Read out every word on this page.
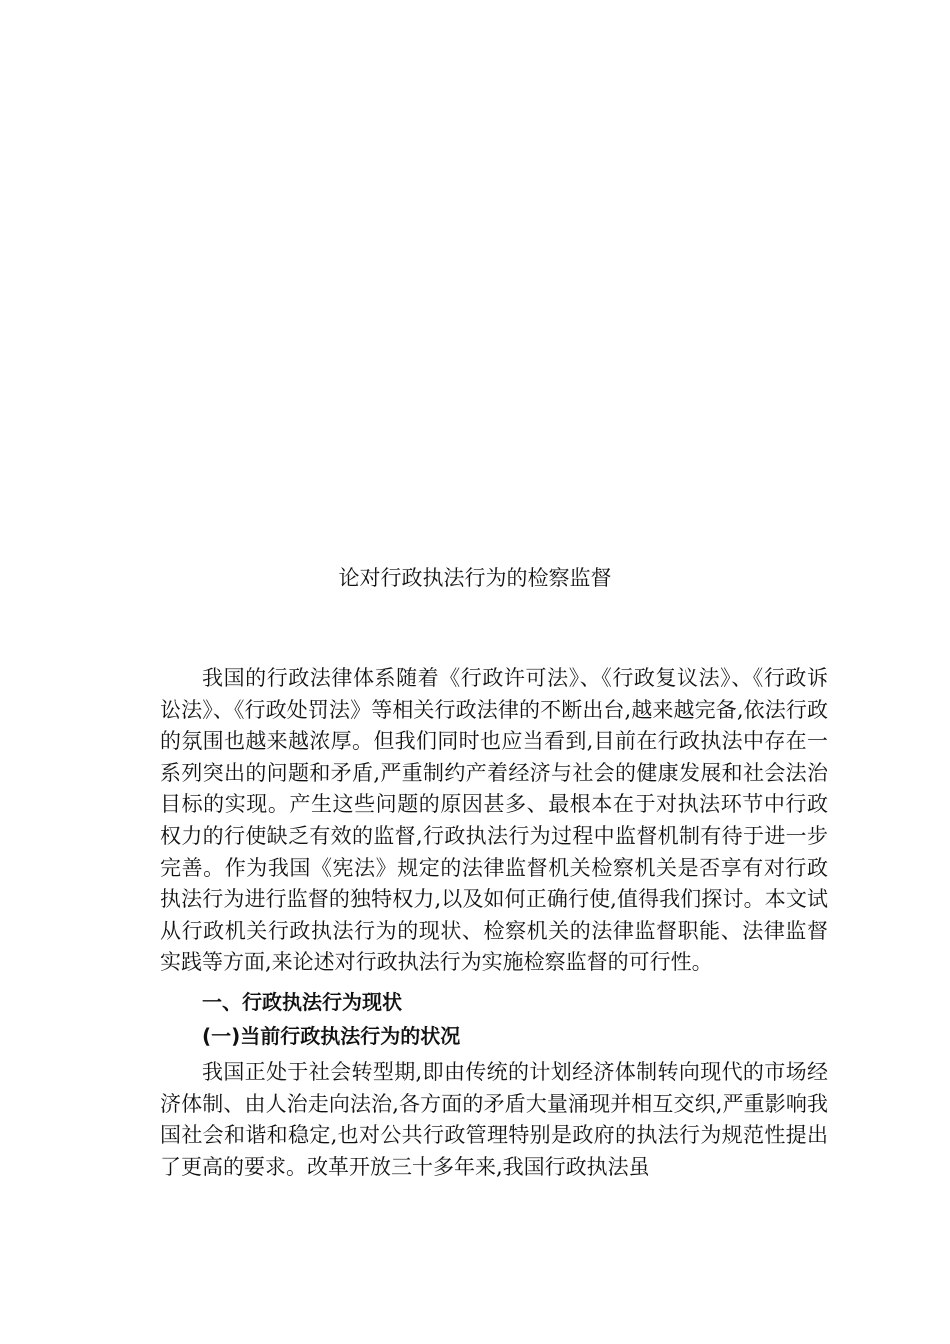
论对行政执法行为的检察监督

我国的行政法律体系随着《行政许可法》、《行政复议法》、《行政诉讼法》、《行政处罚法》等相关行政法律的不断出台,越来越完备,依法行政的氛围也越来越浓厚。但我们同时也应当看到,目前在行政执法中存在一系列突出的问题和矛盾,严重制约产着经济与社会的健康发展和社会法治目标的实现。产生这些问题的原因甚多、最根本在于对执法环节中行政权力的行使缺乏有效的监督,行政执法行为过程中监督机制有待于进一步完善。作为我国《宪法》规定的法律监督机关检察机关是否享有对行政执法行为进行监督的独特权力,以及如何正确行使,值得我们探讨。本文试从行政机关行政执法行为的现状、检察机关的法律监督职能、法律监督实践等方面,来论述对行政执法行为实施检察监督的可行性。

一、行政执法行为现状
(一)当前行政执法行为的状况

我国正处于社会转型期,即由传统的计划经济体制转向现代的市场经济体制、由人治走向法治,各方面的矛盾大量涌现并相互交织,严重影响我国社会和谐和稳定,也对公共行政管理特别是政府的执法行为规范性提出了更高的要求。改革开放三十多年来,我国行政执法虽
